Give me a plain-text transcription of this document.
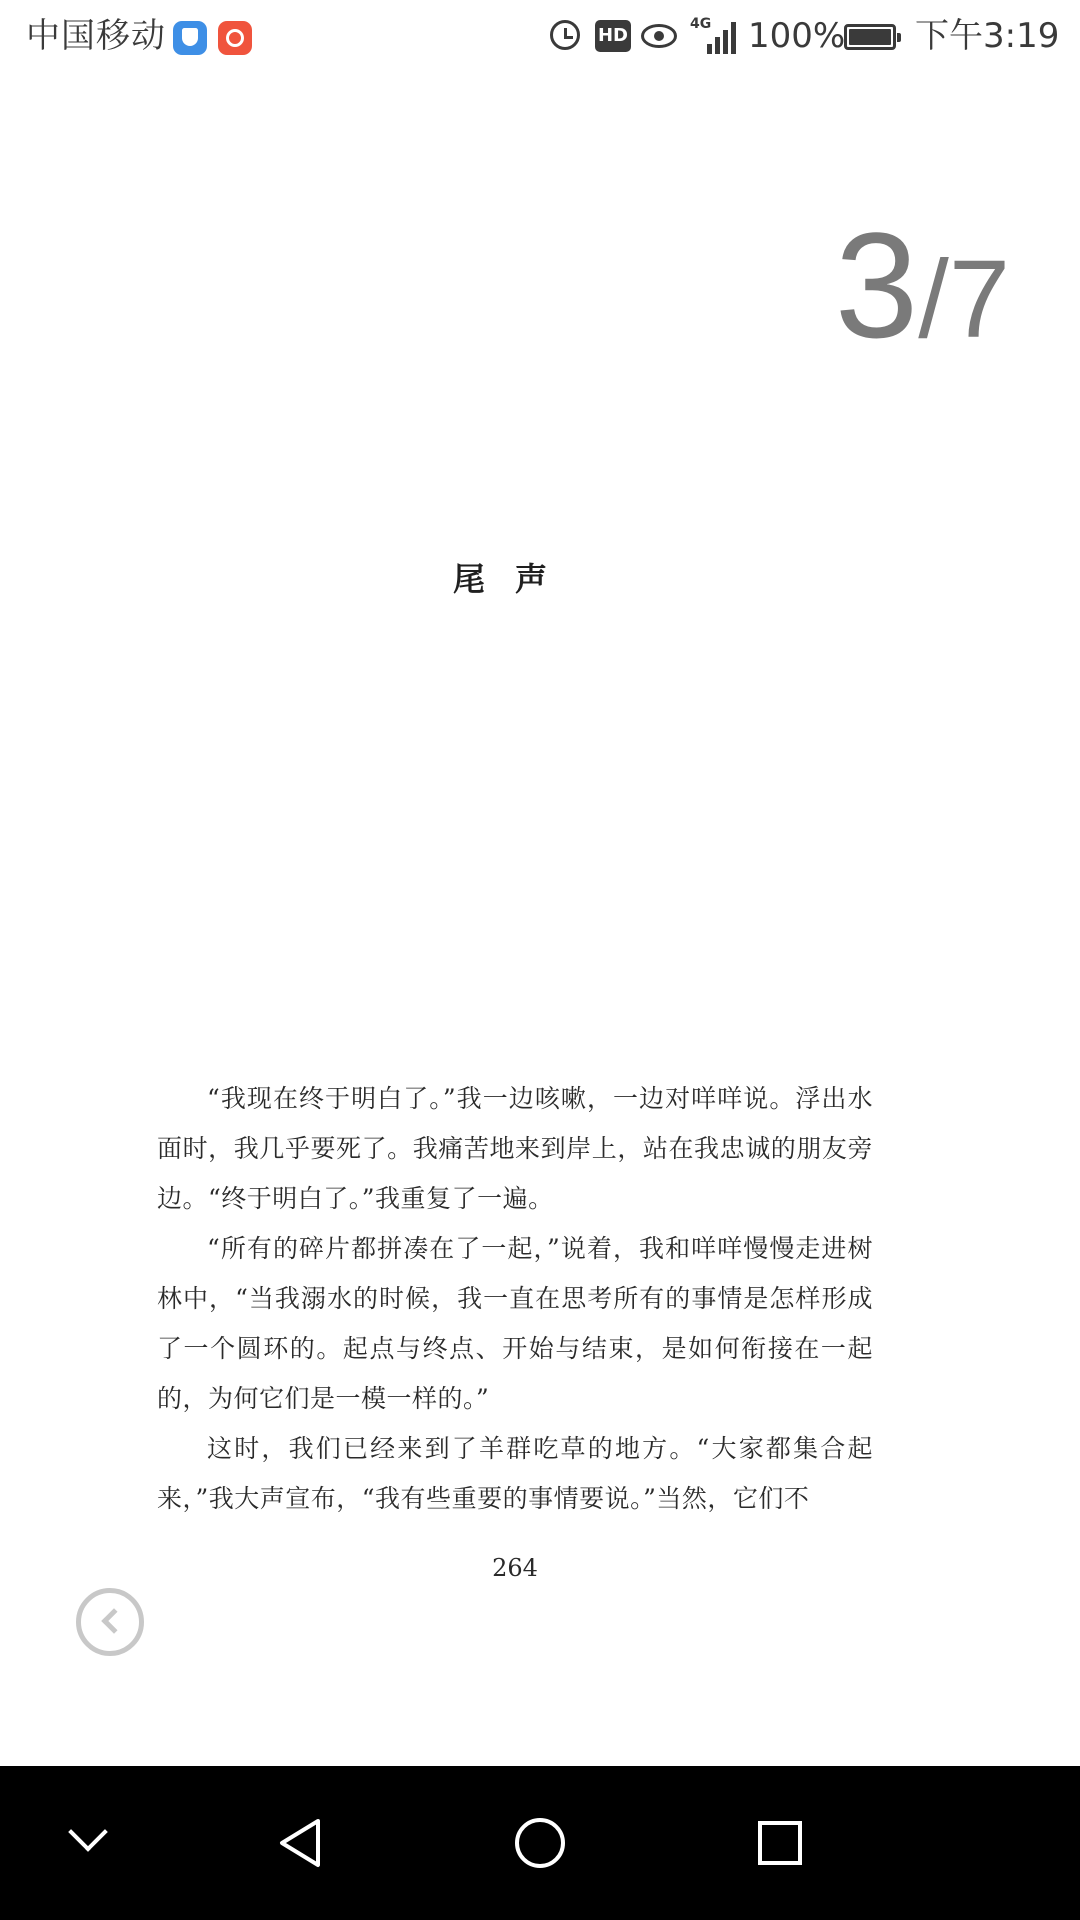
中国移动	HD
4G 100% 下午3:19
尾声

“我现在终于明白了。”我一边咳嗽，一边对咩咩说。浮出水面时，我几乎要死了。我痛苦地来到岸上，站在我忠诚的朋友旁边。“终于明白了。”我重复了一遍。

“所有的碎片都拼凑在了一起，”说着，我和咩咩慢慢走进树林中，“当我溺水的时候，我一直在思考所有的事情是怎样形成了一个圆环的。起点与终点、开始与结束，是如何衔接在一起的，为何它们是一模一样的。”

这时，我们已经来到了羊群吃草的地方。“大家都集合起来，”我大声宣布，“我有些重要的事情要说。”当然，它们不

264
3/7
